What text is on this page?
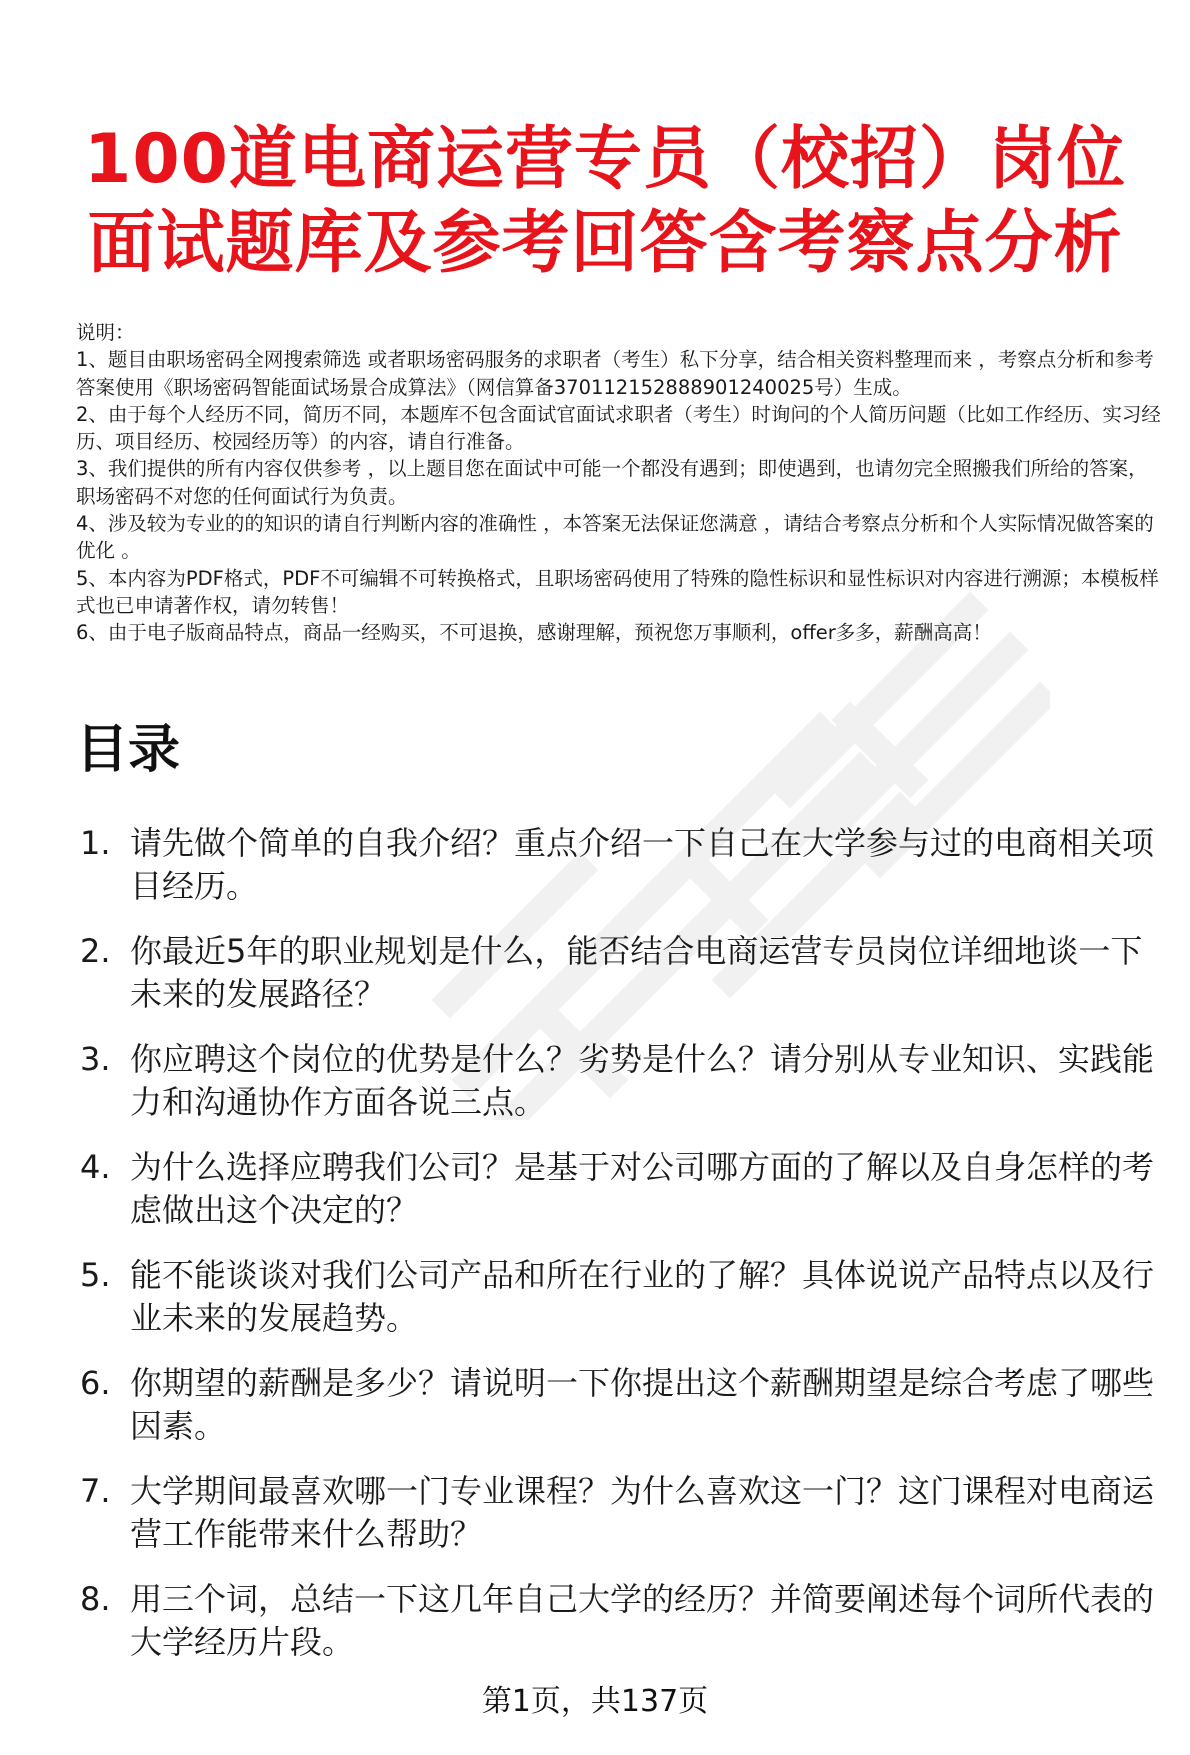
100道电商运营专员（校招）岗位面试题库及参考回答含考察点分析

说明：

1、题目由职场密码全网搜索筛选 或者职场密码服务的求职者（考生）私下分享，结合相关资料整理而来 ，考察点分析和参考答案使用《职场密码智能面试场景合成算法》（网信算备370112152888901240025号）生成。

2、由于每个人经历不同，简历不同，本题库不包含面试官面试求职者（考生）时询问的个人简历问题（比如工作经历、实习经历、项目经历、校园经历等）的内容，请自行准备。

3、我们提供的所有内容仅供参考 ，以上题目您在面试中可能一个都没有遇到；即使遇到，也请勿完全照搬我们所给的答案，职场密码不对您的任何面试行为负责。

4、涉及较为专业的的知识的请自行判断内容的准确性 ，本答案无法保证您满意 ，请结合考察点分析和个人实际情况做答案的优化 。

5、本内容为PDF格式，PDF不可编辑不可转换格式，且职场密码使用了特殊的隐性标识和显性标识对内容进行溯源；本模板样式也已申请著作权，请勿转售！

6、由于电子版商品特点，商品一经购买，不可退换，感谢理解，预祝您万事顺利，offer多多，薪酬高高！

目录
1. 请先做个简单的自我介绍？重点介绍一下自己在大学参与过的电商相关项目经历。
2. 你最近5年的职业规划是什么，能否结合电商运营专员岗位详细地谈一下未来的发展路径？
3. 你应聘这个岗位的优势是什么？劣势是什么？请分别从专业知识、实践能力和沟通协作方面各说三点。
4. 为什么选择应聘我们公司？是基于对公司哪方面的了解以及自身怎样的考虑做出这个决定的？
5. 能不能谈谈对我们公司产品和所在行业的了解？具体说说产品特点以及行业未来的发展趋势。
6. 你期望的薪酬是多少？请说明一下你提出这个薪酬期望是综合考虑了哪些因素。
7. 大学期间最喜欢哪一门专业课程？为什么喜欢这一门？这门课程对电商运营工作能带来什么帮助？
8. 用三个词，总结一下这几年自己大学的经历？并简要阐述每个词所代表的大学经历片段。
第1页，共137页
